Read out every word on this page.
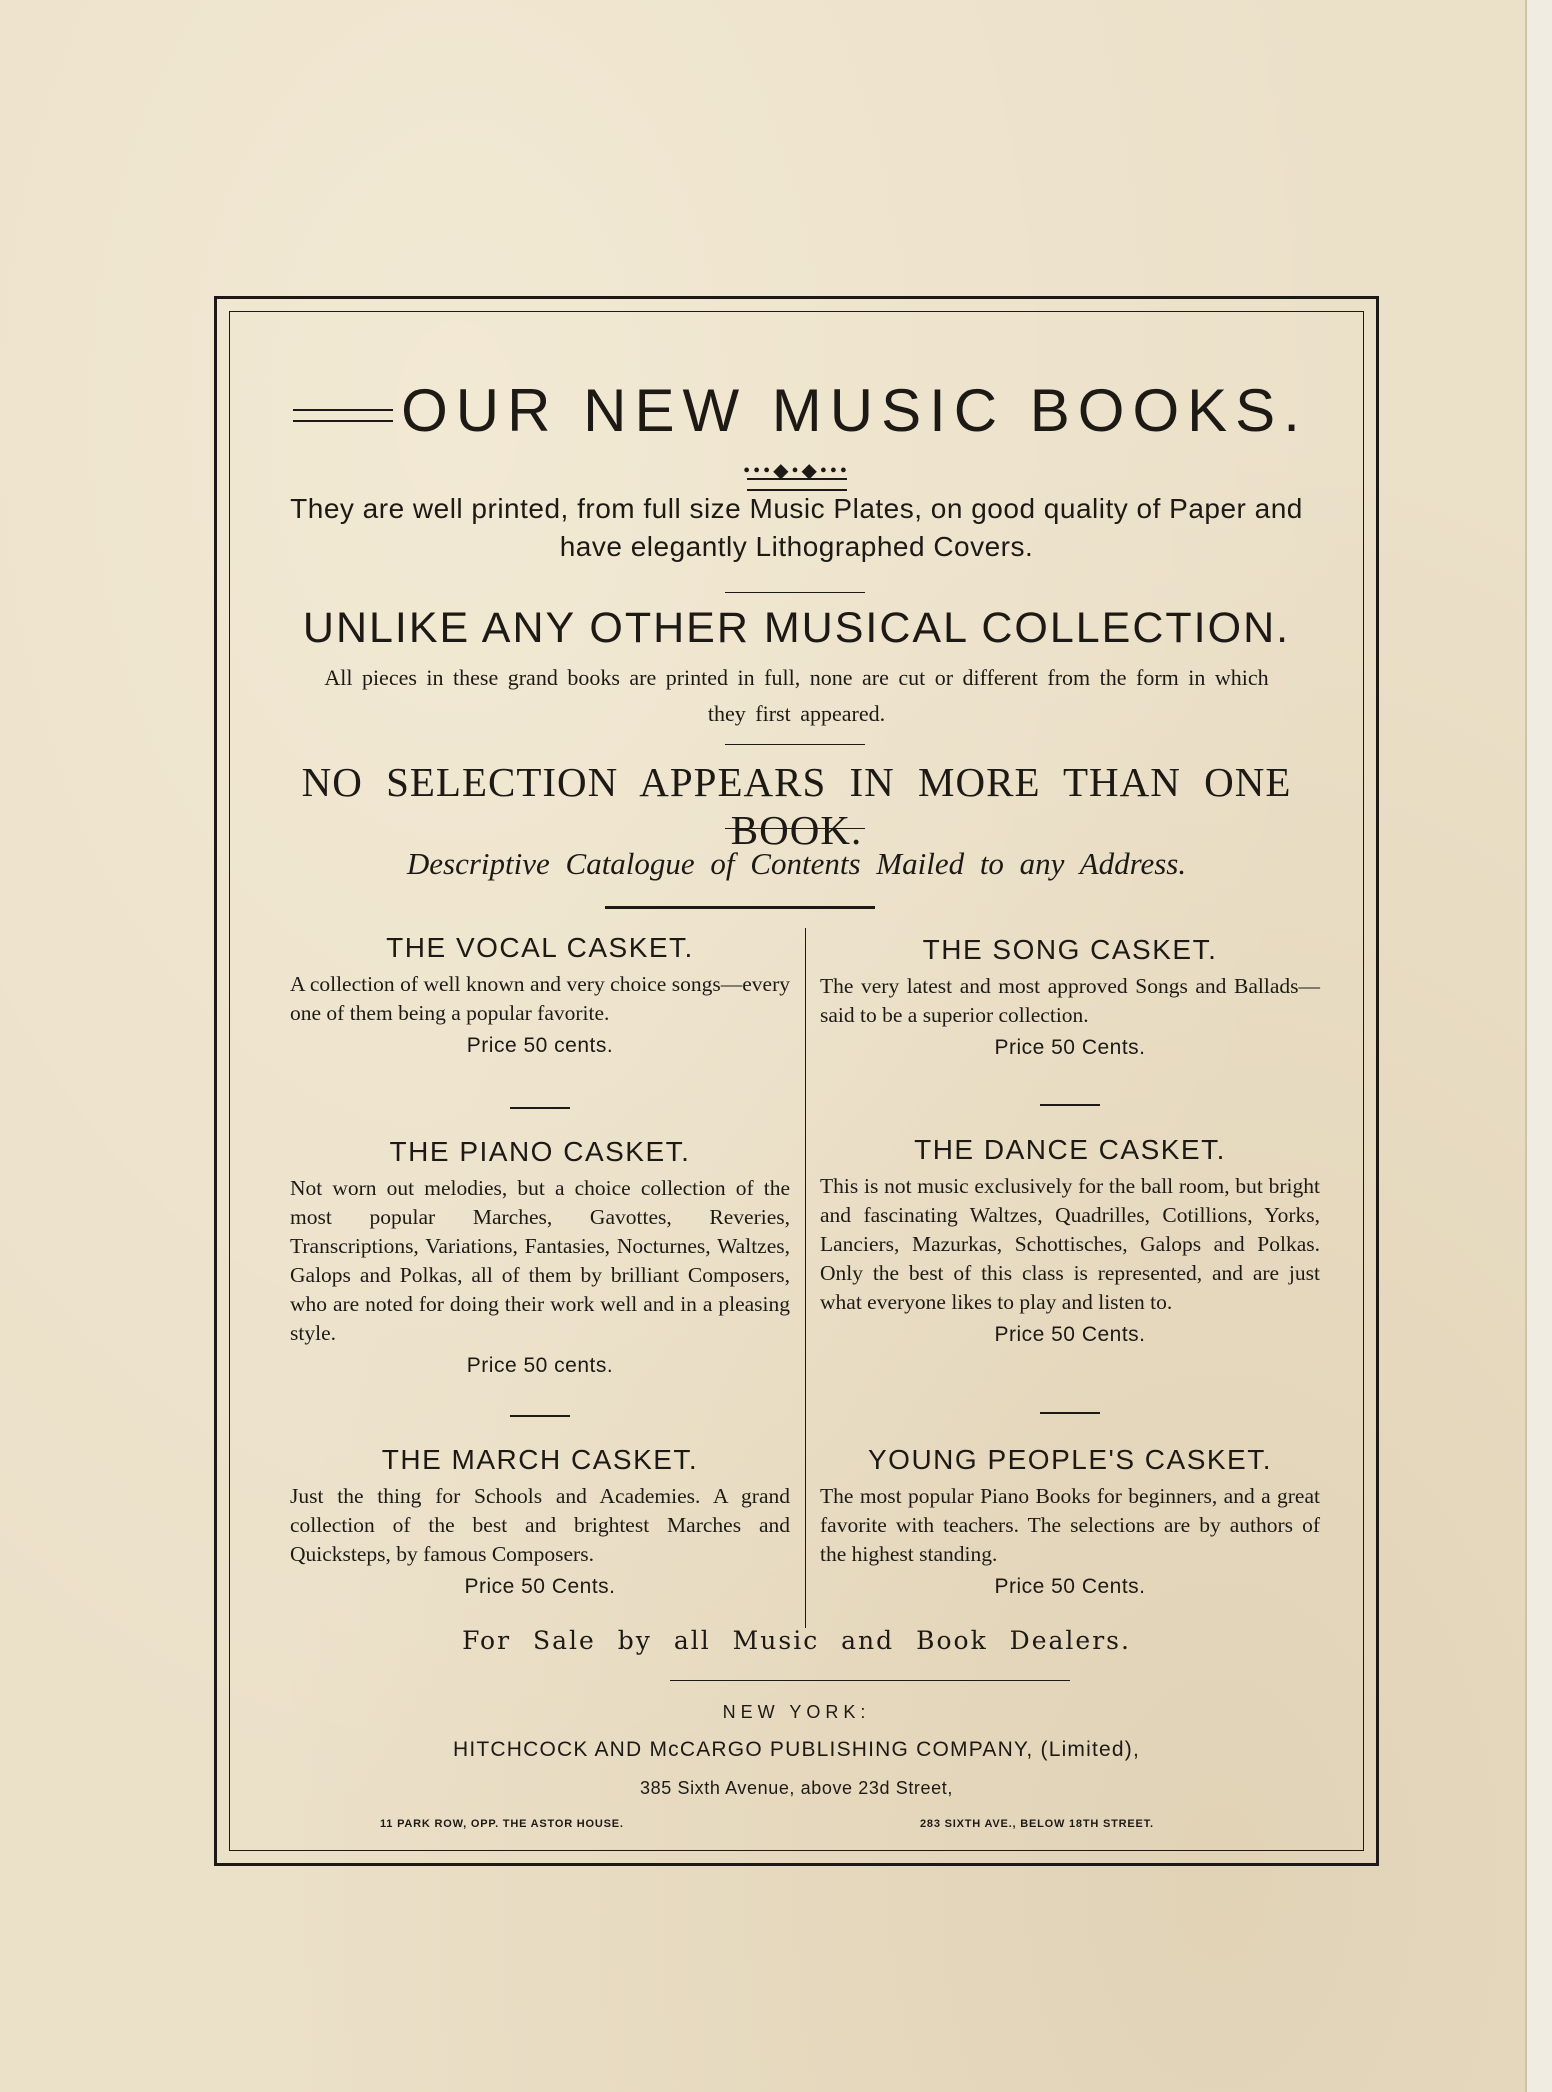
OUR NEW MUSIC BOOKS.
•••◆•◆•••
They are well printed, from full size Music Plates, on good quality of Paper and have elegantly Lithographed Covers.
UNLIKE ANY OTHER MUSICAL COLLECTION.
All pieces in these grand books are printed in full, none are cut or different from the form in which they first appeared.
NO SELECTION APPEARS IN MORE THAN ONE BOOK.
Descriptive Catalogue of Contents Mailed to any Address.
THE VOCAL CASKET.

A collection of well known and very choice songs—every one of them being a popular favorite.

Price 50 cents.
THE PIANO CASKET.

Not worn out melodies, but a choice collection of the most popular Marches, Gavottes, Reveries, Transcriptions, Variations, Fantasies, Nocturnes, Waltzes, Galops and Polkas, all of them by brilliant Composers, who are noted for doing their work well and in a pleasing style.

Price 50 cents.
THE MARCH CASKET.

Just the thing for Schools and Academies. A grand collection of the best and brightest Marches and Quicksteps, by famous Composers.

Price 50 Cents.
THE SONG CASKET.

The very latest and most approved Songs and Ballads—said to be a superior collection.

Price 50 Cents.
THE DANCE CASKET.

This is not music exclusively for the ball room, but bright and fascinating Waltzes, Quadrilles, Cotillions, Yorks, Lanciers, Mazurkas, Schottisches, Galops and Polkas. Only the best of this class is represented, and are just what everyone likes to play and listen to.

Price 50 Cents.
YOUNG PEOPLE'S CASKET.

The most popular Piano Books for beginners, and a great favorite with teachers. The selections are by authors of the highest standing.

Price 50 Cents.
For Sale by all Music and Book Dealers.
NEW YORK:
HITCHCOCK AND McCARGO PUBLISHING COMPANY, (Limited),
385 Sixth Avenue, above 23d Street,
11 PARK ROW, OPP. THE ASTOR HOUSE.	283 SIXTH AVE., BELOW 18TH STREET.
